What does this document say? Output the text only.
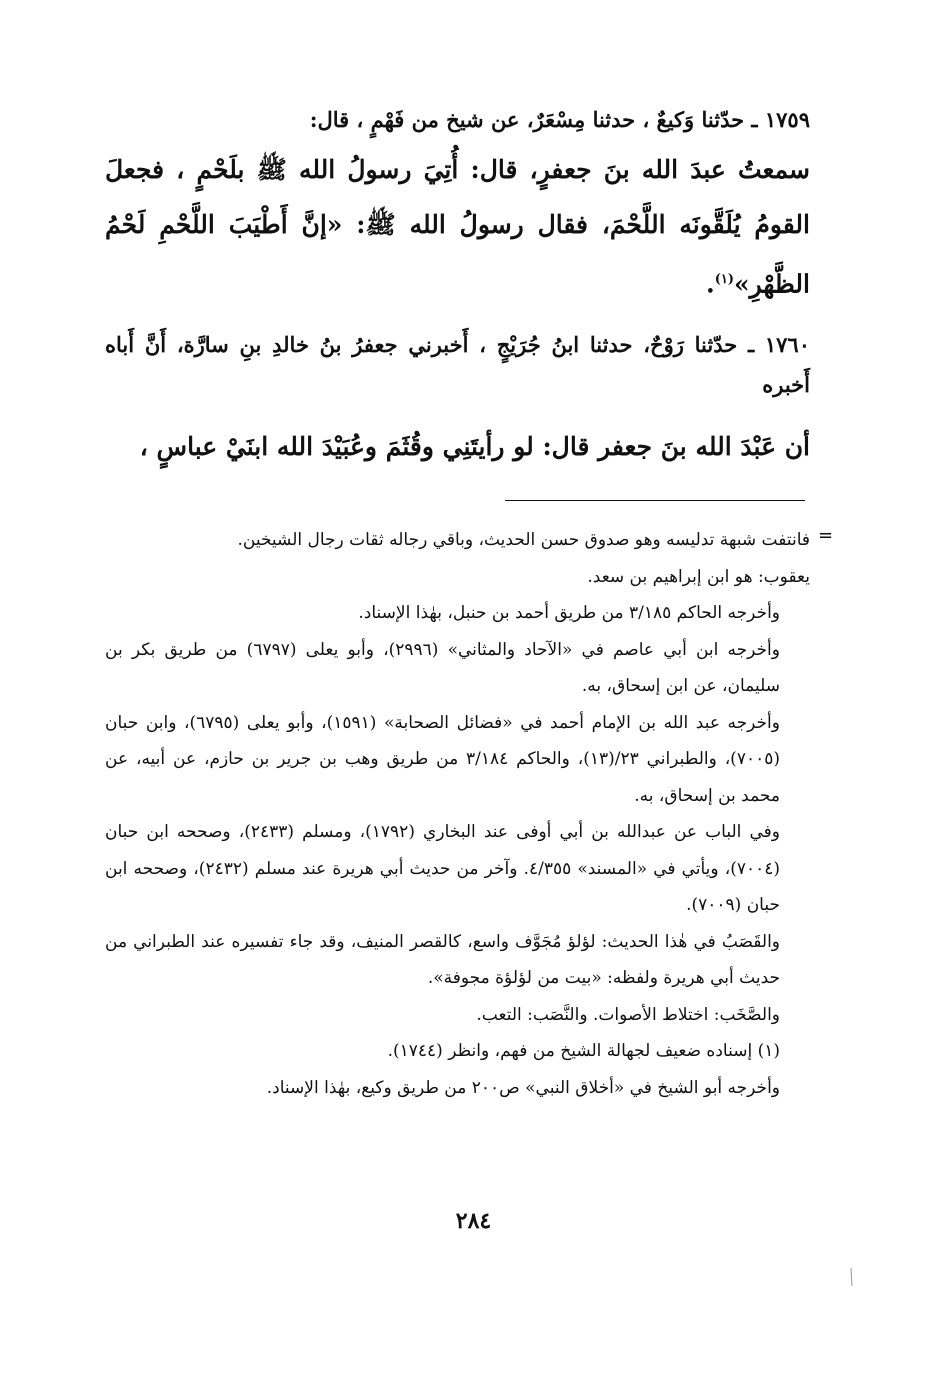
١٧٥٩ ـ حدّثنا وَكيعٌ ، حدثنا مِسْعَرٌ، عن شيخ من فَهْمٍ ، قال:

سمعتُ عبدَ الله بنَ جعفرٍ، قال: أُتِيَ رسولُ الله ﷺ بلَحْمٍ ، فجعلَ القومُ يُلَقَّونَه اللَّحْمَ، فقال رسولُ الله ﷺ: «إنَّ أَطْيَبَ اللَّحْمِ لَحْمُ الظَّهْرِ»$^{(١)}$.

١٧٦٠ ـ حدّثنا رَوْحٌ، حدثنا ابنُ جُرَيْجٍ ، أَخبرني جعفرُ بنُ خالدِ بنِ سارَّة، أَنَّ أَباه أَخبره

أن عَبْدَ الله بنَ جعفر قال: لو رأيتَنِي وقُثَمَ وعُبَيْدَ الله ابنَيْ عباسٍ ،

=

فانتفت شبهة تدليسه وهو صدوق حسن الحديث، وباقي رجاله ثقات رجال الشيخين.

يعقوب: هو ابن إبراهيم بن سعد.

وأخرجه الحاكم ٣/١٨٥ من طريق أحمد بن حنبل، بهٰذا الإسناد.

وأخرجه ابن أبي عاصم في «الآحاد والمثاني» (٢٩٩٦)، وأبو يعلى (٦٧٩٧) من طريق بكر بن سليمان، عن ابن إسحاق، به.

وأخرجه عبد الله بن الإمام أحمد في «فضائل الصحابة» (١٥٩١)، وأبو يعلى (٦٧٩٥)، وابن حبان (٧٠٠٥)، والطبراني ٢٣/(١٣)، والحاكم ٣/١٨٤ من طريق وهب بن جرير بن حازم، عن أبيه، عن محمد بن إسحاق، به.

وفي الباب عن عبدالله بن أبي أوفى عند البخاري (١٧٩٢)، ومسلم (٢٤٣٣)، وصححه ابن حبان (٧٠٠٤)، ويأتي في «المسند» ٤/٣٥٥. وآخر من حديث أبي هريرة عند مسلم (٢٤٣٢)، وصححه ابن حبان (٧٠٠٩).

والقَصَبُ في هٰذا الحديث: لؤلؤ مُجَوَّف واسع، كالقصر المنيف، وقد جاء تفسيره عند الطبراني من حديث أبي هريرة ولفظه: «بيت من لؤلؤة مجوفة».

والصَّخَب: اختلاط الأصوات. والنَّصَب: التعب.

(١) إسناده ضعيف لجهالة الشيخ من فهم، وانظر (١٧٤٤).

وأخرجه أبو الشيخ في «أخلاق النبي» ص٢٠٠ من طريق وكيع، بهٰذا الإسناد.

٢٨٤
